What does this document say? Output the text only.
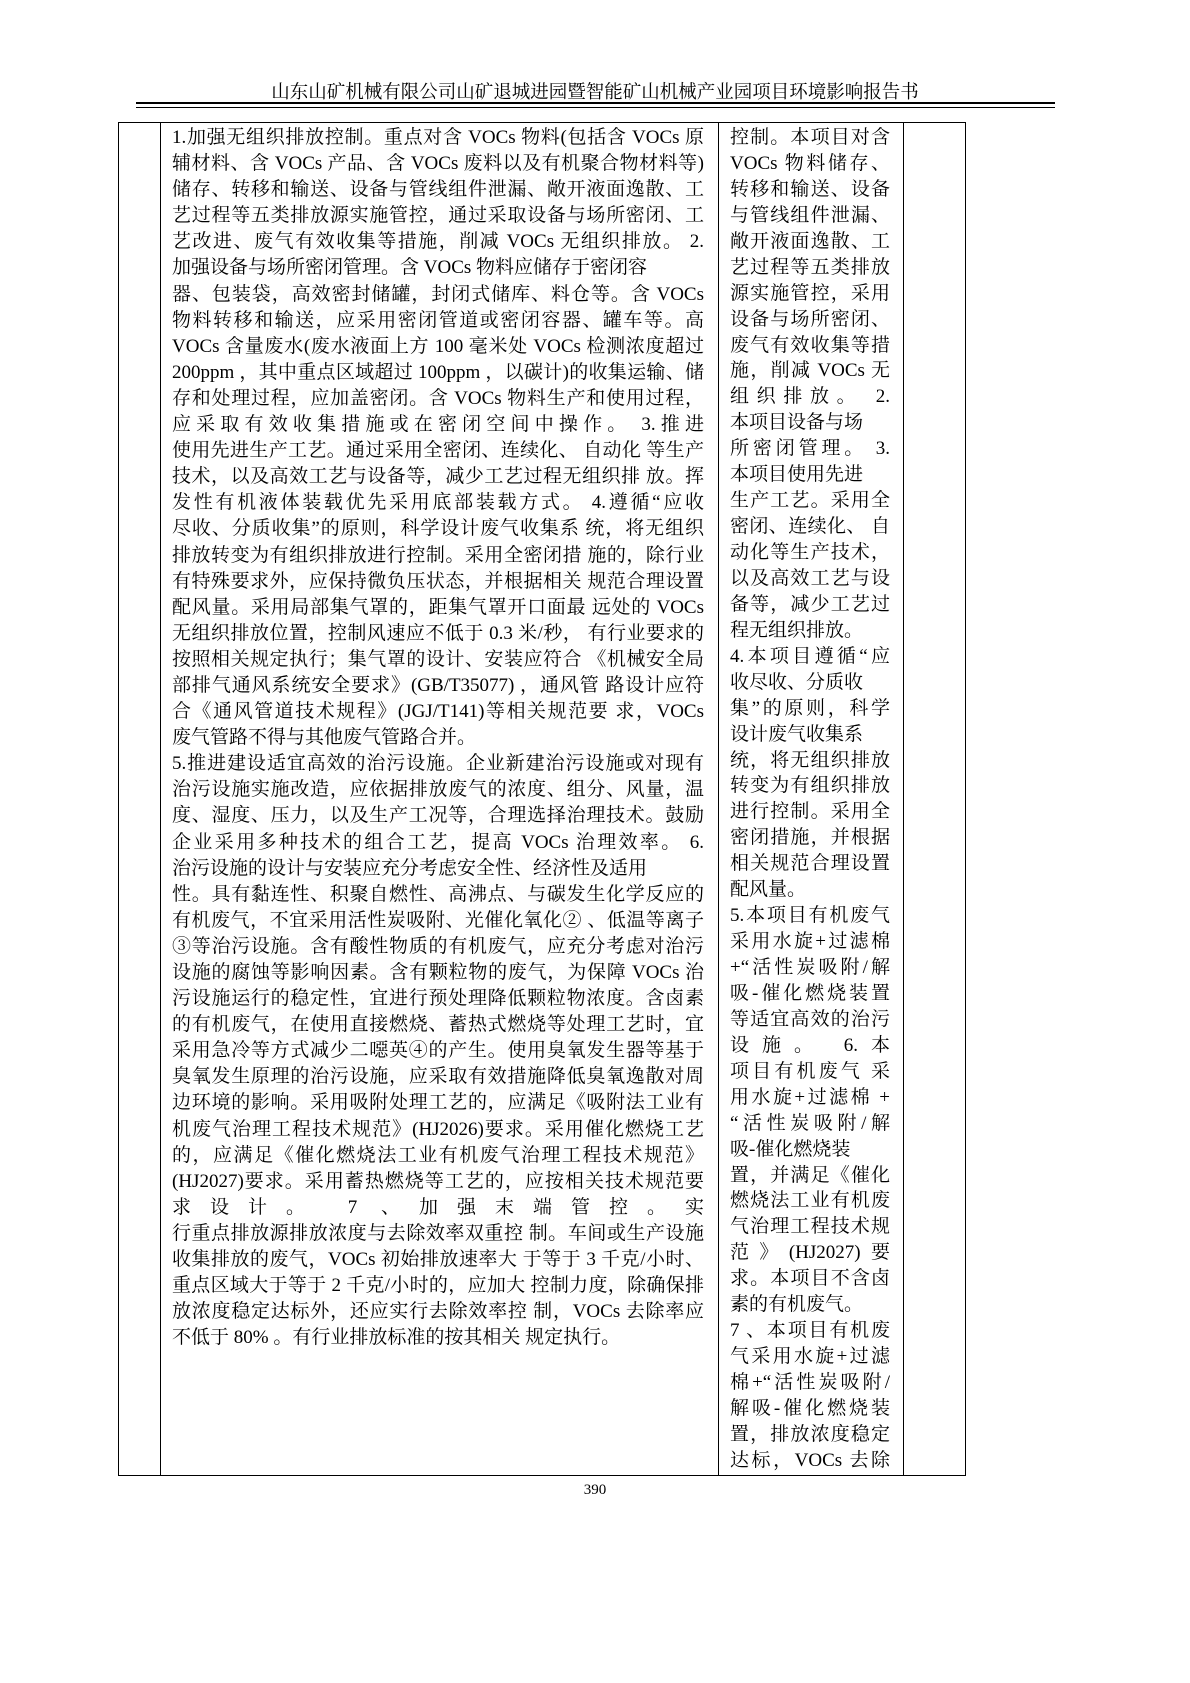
山东山矿机械有限公司山矿退城进园暨智能矿山机械产业园项目环境影响报告书
1.加强无组织排放控制。重点对含 VOCs 物料(包括含 VOCs 原
辅材料、含 VOCs 产品、含 VOCs 废料以及有机聚合物材料等)
储存、转移和输送、设备与管线组件泄漏、敞开液面逸散、工
艺过程等五类排放源实施管控，通过采取设备与场所密闭、工
艺改进、废气有效收集等措施，削减 VOCs 无组织排放。 2.
加强设备与场所密闭管理。含 VOCs 物料应储存于密闭容
器、包装袋，高效密封储罐，封闭式储库、料仓等。含 VOCs
物料转移和输送，应采用密闭管道或密闭容器、罐车等。高
VOCs 含量废水(废水液面上方 100 毫米处 VOCs 检测浓度超过
200ppm ，其中重点区域超过 100ppm ，以碳计)的收集运输、储
存和处理过程，应加盖密闭。含 VOCs 物料生产和使用过程，
应采取有效收集措施或在密闭空间中操作。 3.推进
使用先进生产工艺。通过采用全密闭、连续化、 自动化 等生产
技术，以及高效工艺与设备等，减少工艺过程无组织排 放。挥
发性有机液体装载优先采用底部装载方式。 4.遵循“应收
尽收、分质收集”的原则，科学设计废气收集系 统，将无组织
排放转变为有组织排放进行控制。采用全密闭措 施的，除行业
有特殊要求外，应保持微负压状态，并根据相关 规范合理设置
配风量。采用局部集气罩的，距集气罩开口面最 远处的 VOCs
无组织排放位置，控制风速应不低于 0.3 米/秒， 有行业要求的
按照相关规定执行；集气罩的设计、安装应符合 《机械安全局
部排气通风系统安全要求》(GB/T35077) ，通风管 路设计应符
合《通风管道技术规程》(JGJ/T141)等相关规范要 求，VOCs
废气管路不得与其他废气管路合并。
5.推进建设适宜高效的治污设施。企业新建治污设施或对现有
治污设施实施改造，应依据排放废气的浓度、组分、风量，温
度、湿度、压力，以及生产工况等，合理选择治理技术。鼓励
企业采用多种技术的组合工艺，提高 VOCs 治理效率。 6.
治污设施的设计与安装应充分考虑安全性、经济性及适用
性。具有黏连性、积聚自燃性、高沸点、与碳发生化学反应的
有机废气，不宜采用活性炭吸附、光催化氧化② 、低温等离子
③等治污设施。含有酸性物质的有机废气，应充分考虑对治污
设施的腐蚀等影响因素。含有颗粒物的废气，为保障 VOCs 治
污设施运行的稳定性，宜进行预处理降低颗粒物浓度。含卤素
的有机废气，在使用直接燃烧、蓄热式燃烧等处理工艺时，宜
采用急冷等方式减少二噁英④的产生。使用臭氧发生器等基于
臭氧发生原理的治污设施，应采取有效措施降低臭氧逸散对周
边环境的影响。采用吸附处理工艺的，应满足《吸附法工业有
机废气治理工程技术规范》(HJ2026)要求。采用催化燃烧工艺
的，应满足《催化燃烧法工业有机废气治理工程技术规范》
(HJ2027)要求。采用蓄热燃烧等工艺的，应按相关技术规范要
求设计。 7 、加强末端管控。实
行重点排放源排放浓度与去除效率双重控 制。车间或生产设施
收集排放的废气，VOCs 初始排放速率大 于等于 3 千克/小时、
重点区域大于等于 2 千克/小时的，应加大 控制力度，除确保排
放浓度稳定达标外，还应实行去除效率控 制，VOCs 去除率应
不低于 80% 。有行业排放标准的按其相关 规定执行。
控制。本项目对含
VOCs 物料储存、
转移和输送、设备
与管线组件泄漏、
敞开液面逸散、工
艺过程等五类排放
源实施管控，采用
设备与场所密闭、
废气有效收集等措
施，削减 VOCs 无
组织排放。 2.
本项目设备与场
所密闭管理。 3.
本项目使用先进
生产工艺。采用全
密闭、连续化、 自
动化等生产技术，
以及高效工艺与设
备等，减少工艺过
程无组织排放。
4.本项目遵循“应
收尽收、分质收
集”的原则，科学
设计废气收集系
统，将无组织排放
转变为有组织排放
进行控制。采用全
密闭措施，并根据
相关规范合理设置
配风量。
5.本项目有机废气
采用水旋+过滤棉
+“活性炭吸附/解
吸-催化燃烧装置
等适宜高效的治污
设施。 6.本
项目有机废气 采
用水旋+过滤棉 +
“活性炭吸附/解
吸-催化燃烧装
置，并满足《催化
燃烧法工业有机废
气治理工程技术规
范》(HJ2027)要
求。本项目不含卤
素的有机废气。
7 、本项目有机废
气采用水旋+过滤
棉+“活性炭吸附/
解吸-催化燃烧装
置，排放浓度稳定
达标，VOCs 去除
390
